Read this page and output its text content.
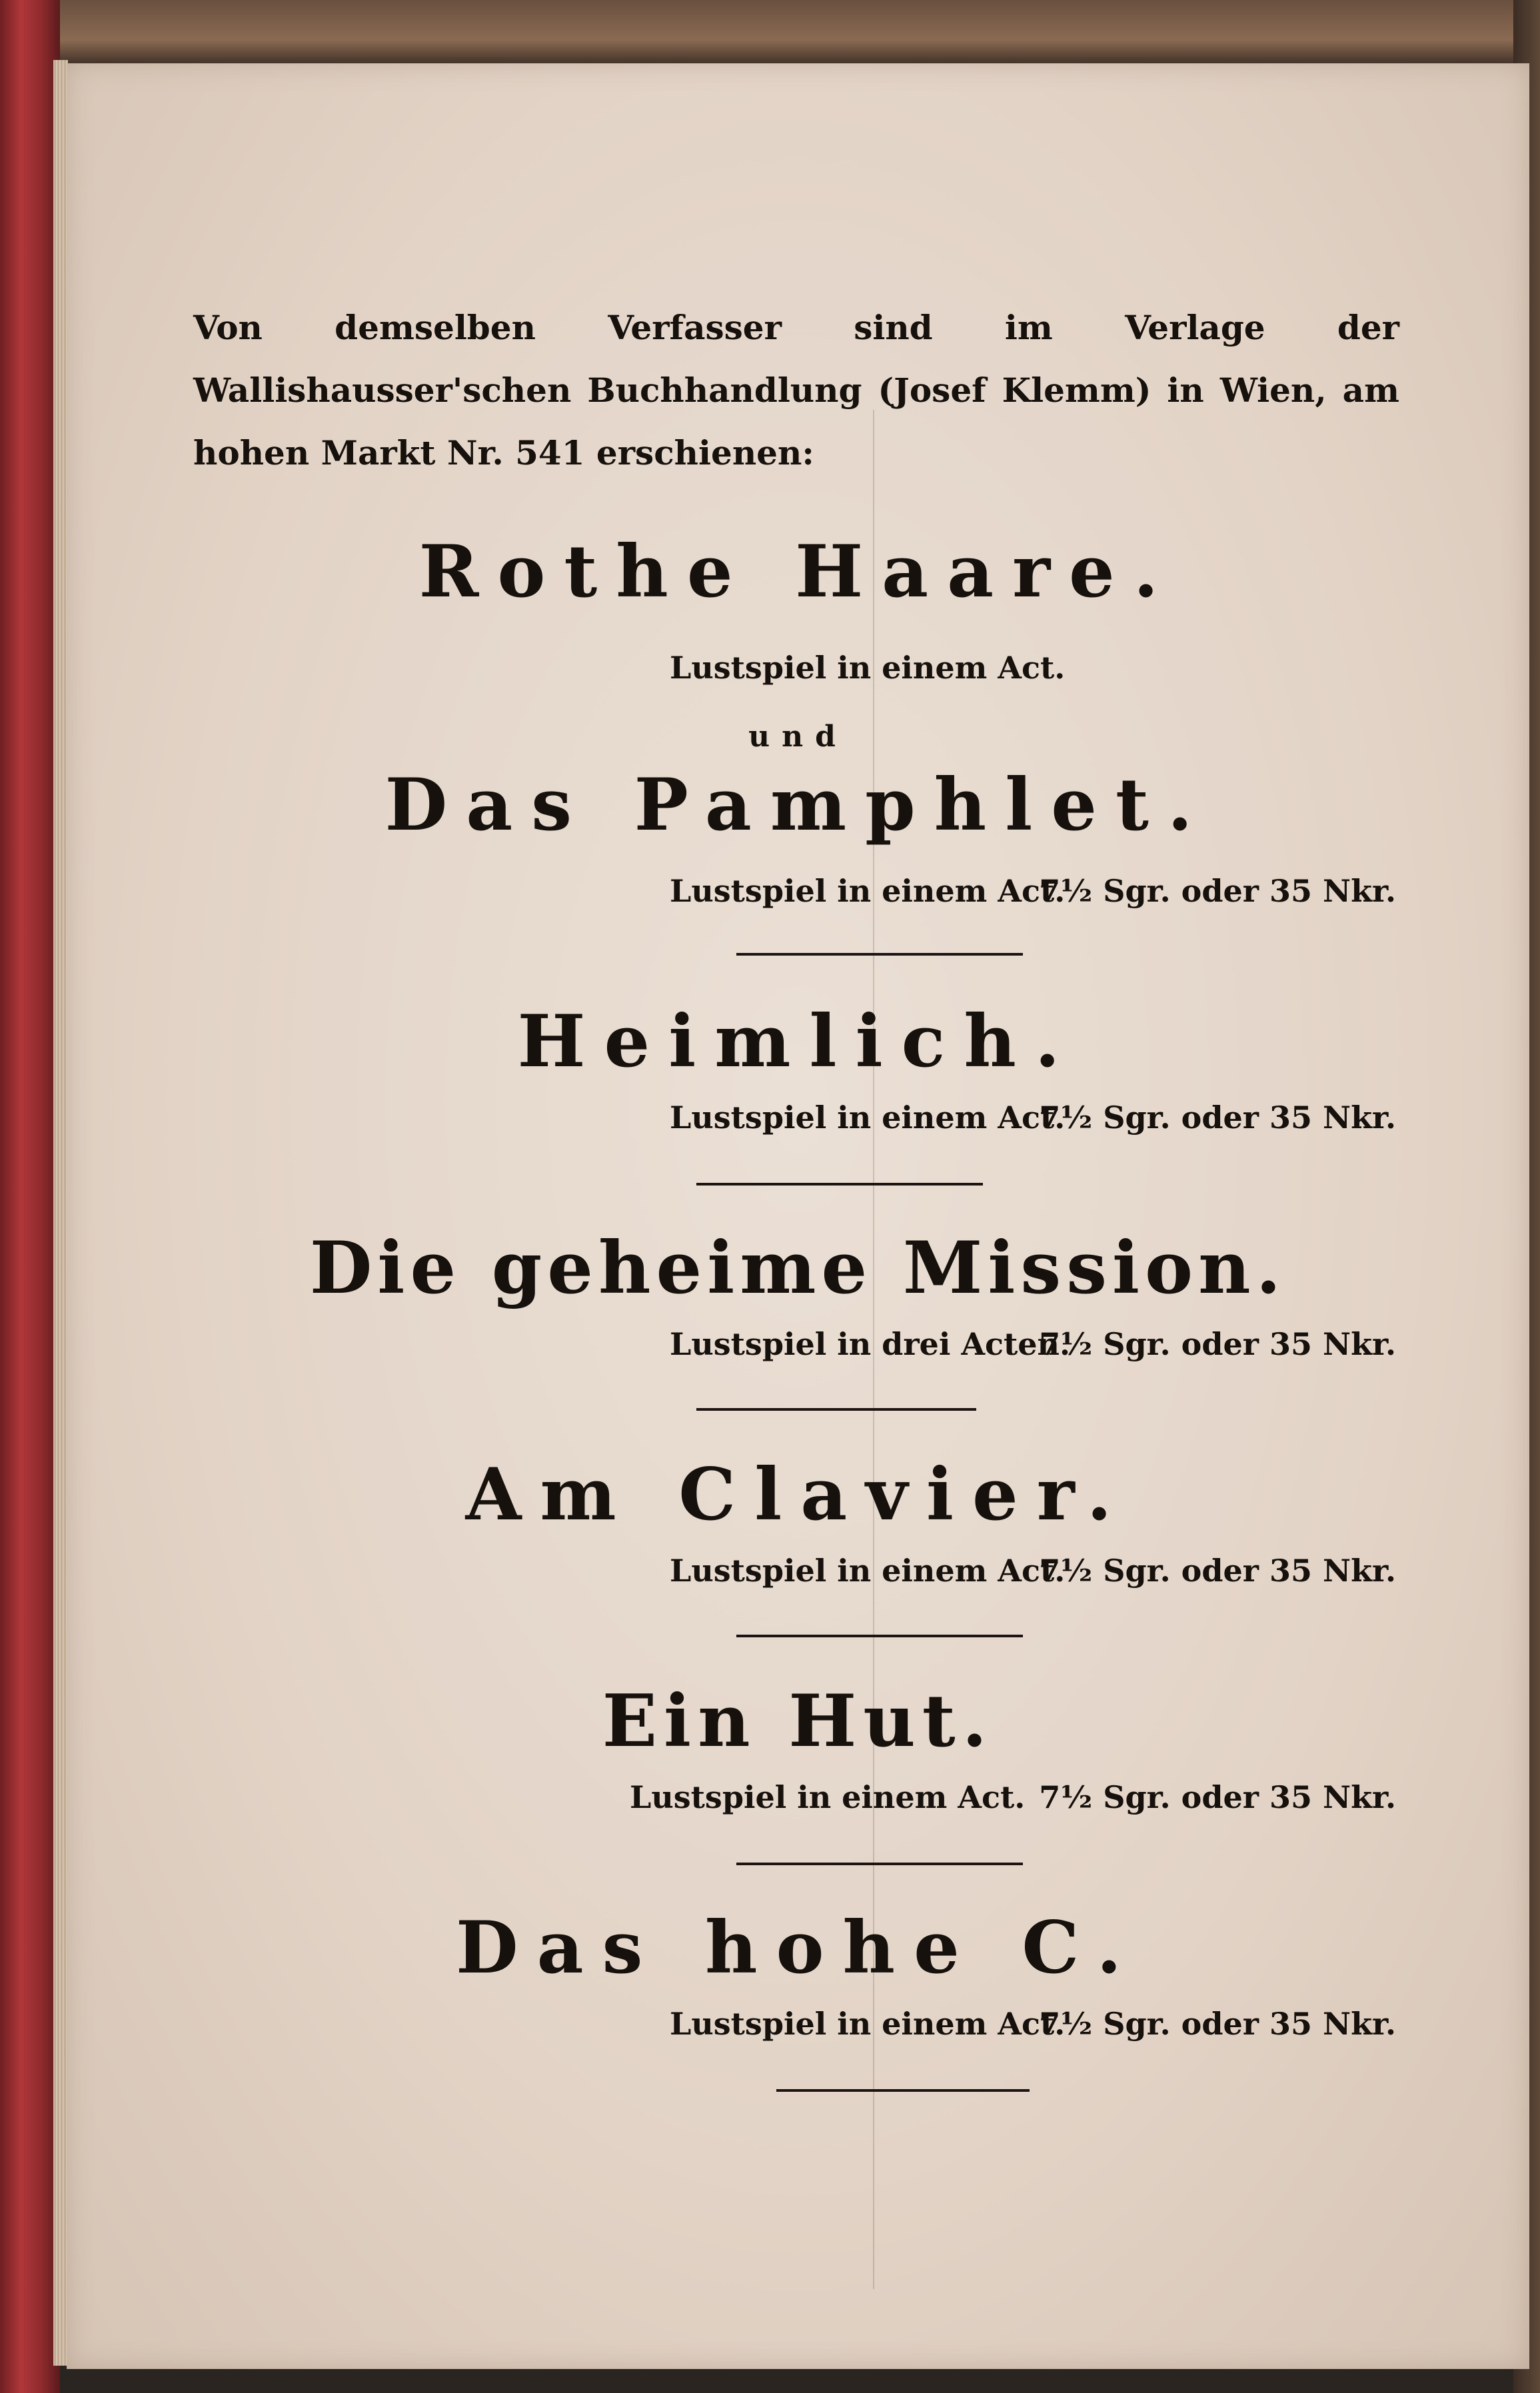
Von demselben Verfasser sind im Verlage der Wallishausser'schen Buchhandlung (Josef Klemm) in Wien, am hohen Markt Nr. 541 erschienen:
Rothe Haare.
Lustspiel in einem Act.
und
Das Pamphlet.
Lustspiel in einem Act.
7½ Sgr. oder 35 Nkr.
Heimlich.
Lustspiel in einem Act.
7½ Sgr. oder 35 Nkr.
Die geheime Mission.
Lustspiel in drei Acten.
7½ Sgr. oder 35 Nkr.
Am Clavier.
Lustspiel in einem Act.
7½ Sgr. oder 35 Nkr.
Ein Hut.
Lustspiel in einem Act. 7½ Sgr. oder 35 Nkr.
Das hohe C.
Lustspiel in einem Act.
7½ Sgr. oder 35 Nkr.
